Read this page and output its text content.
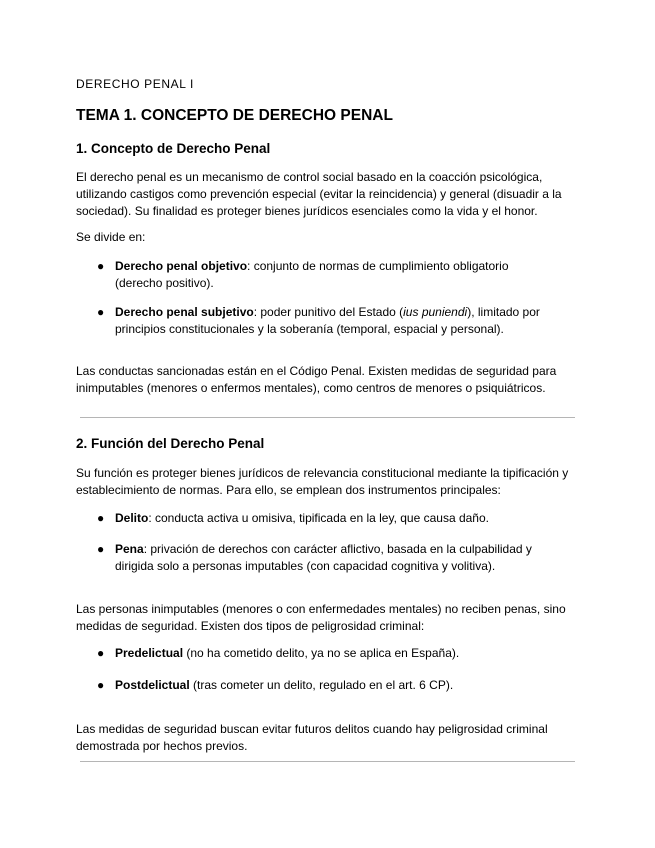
DERECHO PENAL I
TEMA 1. CONCEPTO DE DERECHO PENAL
1. Concepto de Derecho Penal
El derecho penal es un mecanismo de control social basado en la coacción psicológica, utilizando castigos como prevención especial (evitar la reincidencia) y general (disuadir a la sociedad). Su finalidad es proteger bienes jurídicos esenciales como la vida y el honor.
Se divide en:
● Derecho penal objetivo: conjunto de normas de cumplimiento obligatorio (derecho positivo).
● Derecho penal subjetivo: poder punitivo del Estado (ius puniendi), limitado por principios constitucionales y la soberanía (temporal, espacial y personal).
Las conductas sancionadas están en el Código Penal. Existen medidas de seguridad para inimputables (menores o enfermos mentales), como centros de menores o psiquiátricos.
2. Función del Derecho Penal
Su función es proteger bienes jurídicos de relevancia constitucional mediante la tipificación y establecimiento de normas. Para ello, se emplean dos instrumentos principales:
● Delito: conducta activa u omisiva, tipificada en la ley, que causa daño.
● Pena: privación de derechos con carácter aflictivo, basada en la culpabilidad y dirigida solo a personas imputables (con capacidad cognitiva y volitiva).
Las personas inimputables (menores o con enfermedades mentales) no reciben penas, sino medidas de seguridad. Existen dos tipos de peligrosidad criminal:
● Predelictual (no ha cometido delito, ya no se aplica en España).
● Postdelictual (tras cometer un delito, regulado en el art. 6 CP).
Las medidas de seguridad buscan evitar futuros delitos cuando hay peligrosidad criminal demostrada por hechos previos.
